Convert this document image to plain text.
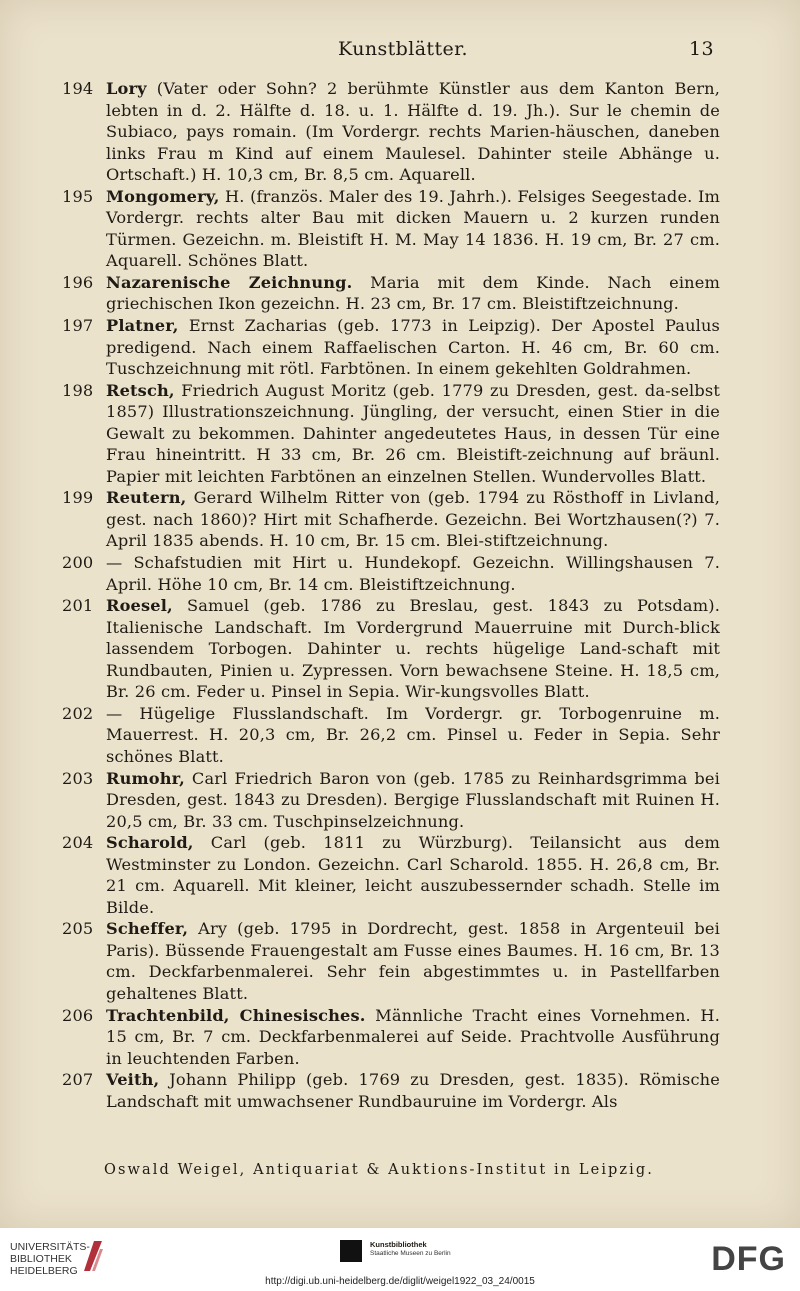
Kunstblätter.	13
194 Lory (Vater oder Sohn? 2 berühmte Künstler aus dem Kanton Bern, lebten in d. 2. Hälfte d. 18. u. 1. Hälfte d. 19. Jh.). Sur le chemin de Subiaco, pays romain. (Im Vordergr. rechts Marien-häuschen, daneben links Frau m Kind auf einem Maulesel. Dahinter steile Abhänge u. Ortschaft.) H. 10,3 cm, Br. 8,5 cm. Aquarell.
195 Mongomery, H. (französ. Maler des 19. Jahrh.). Felsiges Seegestade. Im Vordergr. rechts alter Bau mit dicken Mauern u. 2 kurzen runden Türmen. Gezeichn. m. Bleistift H. M. May 14 1836. H. 19 cm, Br. 27 cm. Aquarell. Schönes Blatt.
196 Nazarenische Zeichnung. Maria mit dem Kinde. Nach einem griechischen Ikon gezeichn. H. 23 cm, Br. 17 cm. Bleistiftzeichnung.
197 Platner, Ernst Zacharias (geb. 1773 in Leipzig). Der Apostel Paulus predigend. Nach einem Raffaelischen Carton. H. 46 cm, Br. 60 cm. Tuschzeichnung mit rötl. Farbtönen. In einem gekehlten Goldrahmen.
198 Retsch, Friedrich August Moritz (geb. 1779 zu Dresden, gest. da-selbst 1857) Illustrationszeichnung. Jüngling, der versucht, einen Stier in die Gewalt zu bekommen. Dahinter angedeutetes Haus, in dessen Tür eine Frau hineintritt. H 33 cm, Br. 26 cm. Bleistift-zeichnung auf bräunl. Papier mit leichten Farbtönen an einzelnen Stellen. Wundervolles Blatt.
199 Reutern, Gerard Wilhelm Ritter von (geb. 1794 zu Rösthoff in Livland, gest. nach 1860)? Hirt mit Schafherde. Gezeichn. Bei Wortzhausen(?) 7. April 1835 abends. H. 10 cm, Br. 15 cm. Blei-stiftzeichnung.
200 — Schafstudien mit Hirt u. Hundekopf. Gezeichn. Willingshausen 7. April. Höhe 10 cm, Br. 14 cm. Bleistiftzeichnung.
201 Roesel, Samuel (geb. 1786 zu Breslau, gest. 1843 zu Potsdam). Italienische Landschaft. Im Vordergrund Mauerruine mit Durch-blick lassendem Torbogen. Dahinter u. rechts hügelige Land-schaft mit Rundbauten, Pinien u. Zypressen. Vorn bewachsene Steine. H. 18,5 cm, Br. 26 cm. Feder u. Pinsel in Sepia. Wir-kungsvolles Blatt.
202 — Hügelige Flusslandschaft. Im Vordergr. gr. Torbogenruine m. Mauerrest. H. 20,3 cm, Br. 26,2 cm. Pinsel u. Feder in Sepia. Sehr schönes Blatt.
203 Rumohr, Carl Friedrich Baron von (geb. 1785 zu Reinhardsgrimma bei Dresden, gest. 1843 zu Dresden). Bergige Flusslandschaft mit Ruinen H. 20,5 cm, Br. 33 cm. Tuschpinselzeichnung.
204 Scharold, Carl (geb. 1811 zu Würzburg). Teilansicht aus dem Westminster zu London. Gezeichn. Carl Scharold. 1855. H. 26,8 cm, Br. 21 cm. Aquarell. Mit kleiner, leicht auszubessernder schadh. Stelle im Bilde.
205 Scheffer, Ary (geb. 1795 in Dordrecht, gest. 1858 in Argenteuil bei Paris). Büssende Frauengestalt am Fusse eines Baumes. H. 16 cm, Br. 13 cm. Deckfarbenmalerei. Sehr fein abgestimmtes u. in Pastellfarben gehaltenes Blatt.
206 Trachtenbild, Chinesisches. Männliche Tracht eines Vornehmen. H. 15 cm, Br. 7 cm. Deckfarbenmalerei auf Seide. Prachtvolle Ausführung in leuchtenden Farben.
207 Veith, Johann Philipp (geb. 1769 zu Dresden, gest. 1835). Römische Landschaft mit umwachsener Rundbauruine im Vordergr. Als
Oswald Weigel, Antiquariat & Auktions-Institut in Leipzig.
UNIVERSITÄTS-
BIBLIOTHEK
HEIDELBERG
Kunstbibliothek
Staatliche Museen zu Berlin	DFG
http://digi.ub.uni-heidelberg.de/diglit/weigel1922_03_24/0015
